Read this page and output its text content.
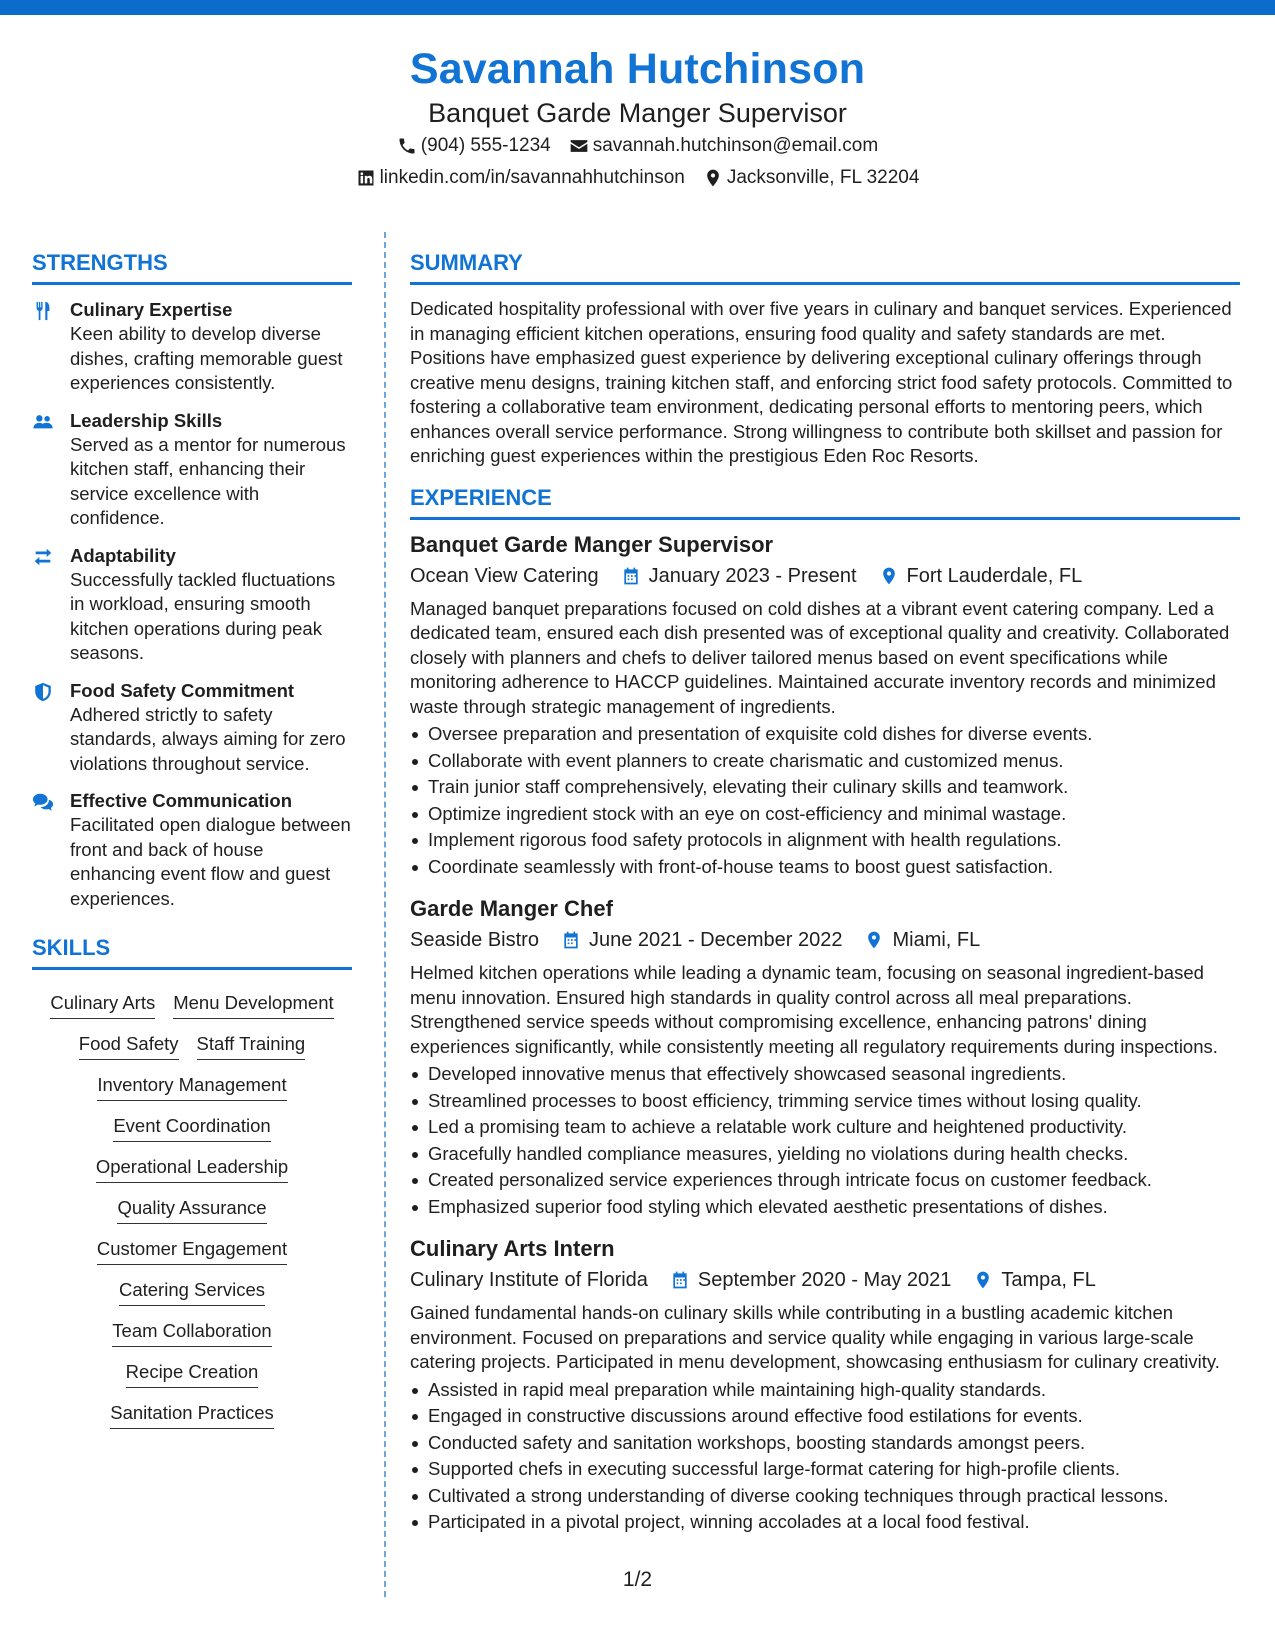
Savannah Hutchinson
Banquet Garde Manger Supervisor
(904) 555-1234 savannah.hutchinson@email.com
linkedin.com/in/savannahhutchinson Jacksonville, FL 32204
STRENGTHS
Culinary Expertise
Keen ability to develop diverse dishes, crafting memorable guest experiences consistently.
Leadership Skills
Served as a mentor for numerous kitchen staff, enhancing their service excellence with confidence.
Adaptability
Successfully tackled fluctuations in workload, ensuring smooth kitchen operations during peak seasons.
Food Safety Commitment
Adhered strictly to safety standards, always aiming for zero violations throughout service.
Effective Communication
Facilitated open dialogue between front and back of house enhancing event flow and guest experiences.
SKILLS
Culinary Arts Menu Development
Food Safety Staff Training
Inventory Management
Event Coordination
Operational Leadership
Quality Assurance
Customer Engagement
Catering Services
Team Collaboration
Recipe Creation
Sanitation Practices
SUMMARY
Dedicated hospitality professional with over five years in culinary and banquet services. Experienced in managing efficient kitchen operations, ensuring food quality and safety standards are met. Positions have emphasized guest experience by delivering exceptional culinary offerings through creative menu designs, training kitchen staff, and enforcing strict food safety protocols. Committed to fostering a collaborative team environment, dedicating personal efforts to mentoring peers, which enhances overall service performance. Strong willingness to contribute both skillset and passion for enriching guest experiences within the prestigious Eden Roc Resorts.
EXPERIENCE
Banquet Garde Manger Supervisor
Ocean View Catering	January 2023 - Present	Fort Lauderdale, FL
Managed banquet preparations focused on cold dishes at a vibrant event catering company. Led a dedicated team, ensured each dish presented was of exceptional quality and creativity. Collaborated closely with planners and chefs to deliver tailored menus based on event specifications while monitoring adherence to HACCP guidelines. Maintained accurate inventory records and minimized waste through strategic management of ingredients.
Oversee preparation and presentation of exquisite cold dishes for diverse events.
Collaborate with event planners to create charismatic and customized menus.
Train junior staff comprehensively, elevating their culinary skills and teamwork.
Optimize ingredient stock with an eye on cost-efficiency and minimal wastage.
Implement rigorous food safety protocols in alignment with health regulations.
Coordinate seamlessly with front-of-house teams to boost guest satisfaction.
Garde Manger Chef
Seaside Bistro	June 2021 - December 2022	Miami, FL
Helmed kitchen operations while leading a dynamic team, focusing on seasonal ingredient-based menu innovation. Ensured high standards in quality control across all meal preparations. Strengthened service speeds without compromising excellence, enhancing patrons' dining experiences significantly, while consistently meeting all regulatory requirements during inspections.
Developed innovative menus that effectively showcased seasonal ingredients.
Streamlined processes to boost efficiency, trimming service times without losing quality.
Led a promising team to achieve a relatable work culture and heightened productivity.
Gracefully handled compliance measures, yielding no violations during health checks.
Created personalized service experiences through intricate focus on customer feedback.
Emphasized superior food styling which elevated aesthetic presentations of dishes.
Culinary Arts Intern
Culinary Institute of Florida	September 2020 - May 2021	Tampa, FL
Gained fundamental hands-on culinary skills while contributing in a bustling academic kitchen environment. Focused on preparations and service quality while engaging in various large-scale catering projects. Participated in menu development, showcasing enthusiasm for culinary creativity.
Assisted in rapid meal preparation while maintaining high-quality standards.
Engaged in constructive discussions around effective food estilations for events.
Conducted safety and sanitation workshops, boosting standards amongst peers.
Supported chefs in executing successful large-format catering for high-profile clients.
Cultivated a strong understanding of diverse cooking techniques through practical lessons.
Participated in a pivotal project, winning accolades at a local food festival.
1/2
